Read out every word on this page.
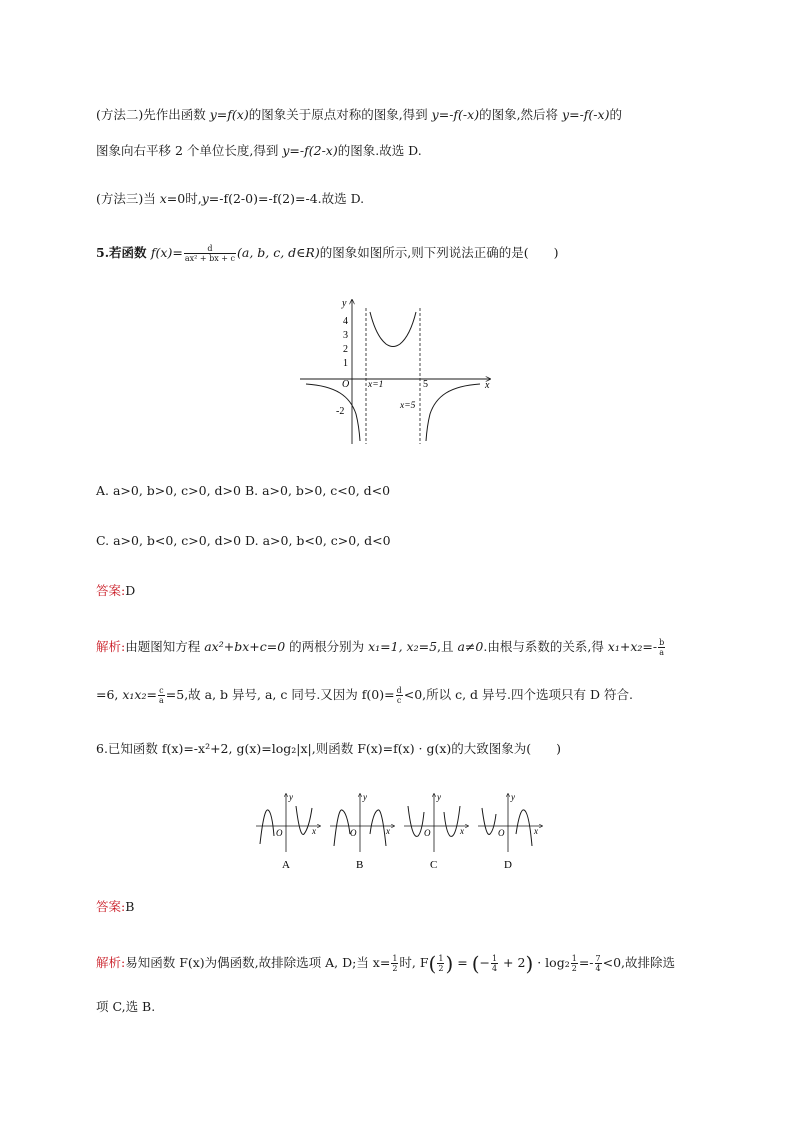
(方法二)先作出函数 y=f(x)的图象关于原点对称的图象,得到 y=-f(-x)的图象,然后将 y=-f(-x)的
图象向右平移 2 个单位长度,得到 y=-f(2-x)的图象.故选 D.
(方法三)当 x=0时,y=-f(2-0)=-f(2)=-4.故选 D.
5.若函数 $f(x)= \frac{d}{\text{ax² + bx + c}} (a$, b, c, d∈R)的图象如图所示,则下列说法正确的是(　　)
y
x
O
4
3
2
1
-2
x=1	5
x=5
A. a>0, b>0, c>0, d>0 B. a>0, b>0, c<0, d<0
C. a>0, b<0, c>0, d>0 D. a>0, b<0, c>0, d<0
答案:D
解析:由题图知方程 ax²+bx+c=0 的两根分别为 x₁=1, x₂=5,且 a≠0.由根与系数的关系,得 $x_1+x_2=- \frac{b}{a}$
=6, $x_1x_2= \frac{c}{a} =5$,故 a, b 异号, a, c 同号.又因为 $f(0)= \frac{d}{c} <0$,所以 c, d 异号.四个选项只有 D 符合.
6.已知函数 f(x)=-x²+2, g(x)=log₂|x|,则函数 F(x)=f(x) · g(x)的大致图象为(　　)
y
x
O
A
y
x
O
B
y
x
O
C
y
x
O
D
答案:B
解析:易知函数 F(x)为偶函数,故排除选项 A, D;当 $x= \frac{1}{2}$ 时, $F( \frac{1}{2}$ ) = (− $\frac{1}{4} + 2) \cdot \log_2 \frac{1}{2} =- \frac{7}{4} <0$,故排除选
项 C,选 B.
